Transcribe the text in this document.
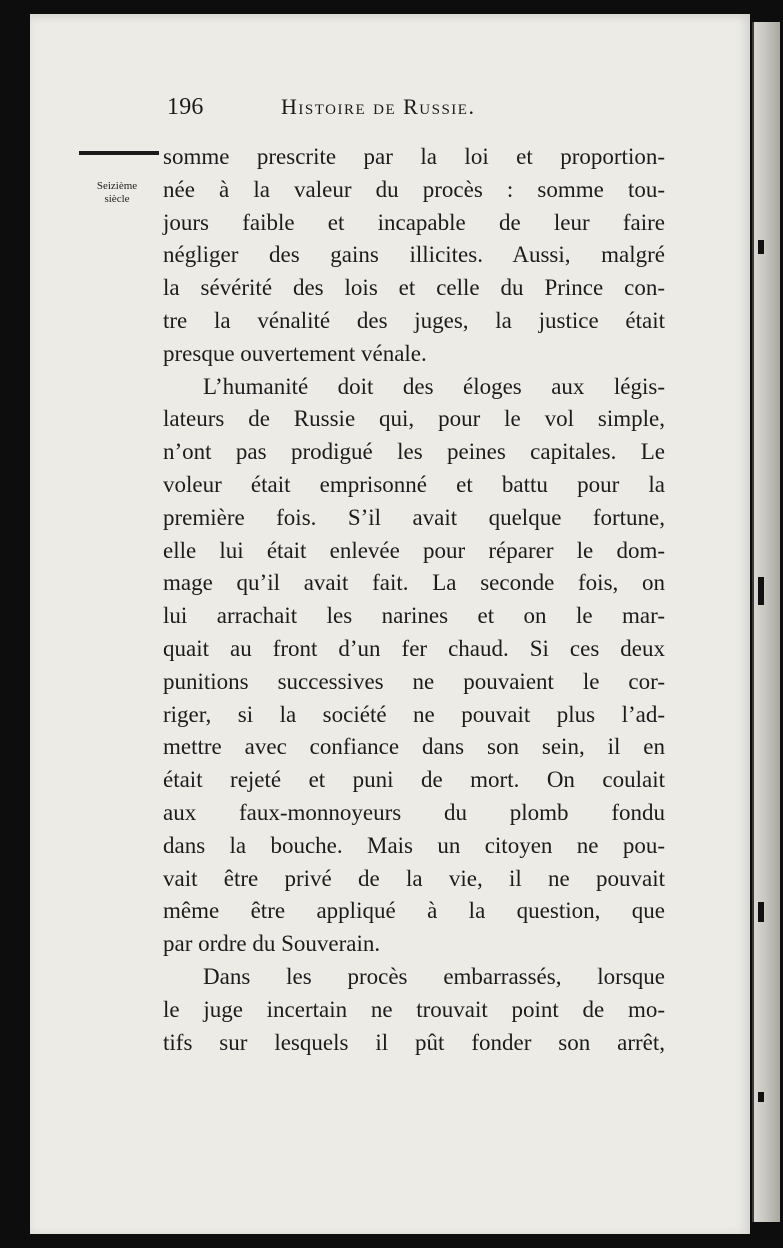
196	Histoire de Russie.
Seizième
siècle

somme prescrite par la loi et proportion-
née à la valeur du procès : somme tou-
jours faible et incapable de leur faire
négliger des gains illicites. Aussi, malgré
la sévérité des lois et celle du Prince con-
tre la vénalité des juges, la justice était
presque ouvertement vénale.

L’humanité doit des éloges aux légis-
lateurs de Russie qui, pour le vol simple,
n’ont pas prodigué les peines capitales. Le
voleur était emprisonné et battu pour la
première fois. S’il avait quelque fortune,
elle lui était enlevée pour réparer le dom-
mage qu’il avait fait. La seconde fois, on
lui arrachait les narines et on le mar-
quait au front d’un fer chaud. Si ces deux
punitions successives ne pouvaient le cor-
riger, si la société ne pouvait plus l’ad-
mettre avec confiance dans son sein, il en
était rejeté et puni de mort. On coulait
aux faux-monnoyeurs du plomb fondu
dans la bouche. Mais un citoyen ne pou-
vait être privé de la vie, il ne pouvait
même être appliqué à la question, que
par ordre du Souverain.

Dans les procès embarrassés, lorsque
le juge incertain ne trouvait point de mo-
tifs sur lesquels il pût fonder son arrêt,
